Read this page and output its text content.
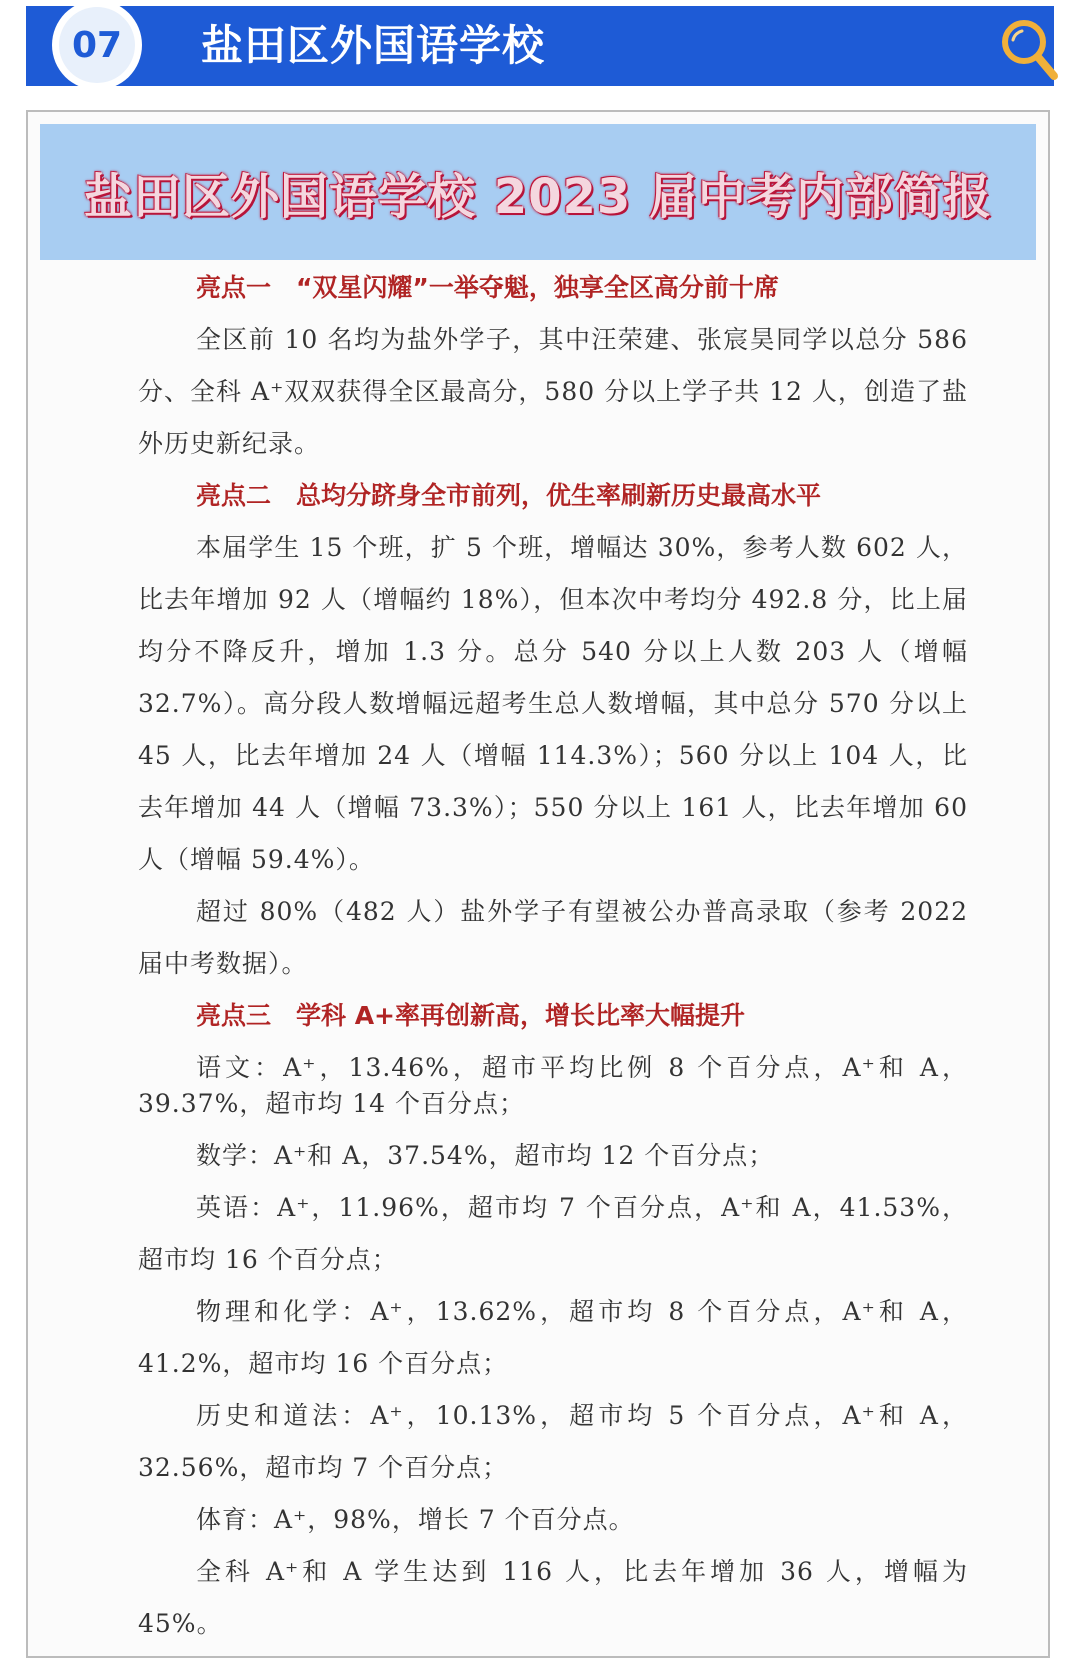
盐田区外国语学校
07
盐田区外国语学校 2023 届中考内部简报
亮点一　“双星闪耀”一举夺魁，独享全区高分前十席

全区前 10 名均为盐外学子，其中汪荣建、张宸昊同学以总分 586 分、全科 A⁺双双获得全区最高分，580 分以上学子共 12 人，创造了盐外历史新纪录。

亮点二　总均分跻身全市前列，优生率刷新历史最高水平

本届学生 15 个班，扩 5 个班，增幅达 30%，参考人数 602 人，比去年增加 92 人（增幅约 18%），但本次中考均分 492.8 分，比上届均分不降反升，增加 1.3 分。总分 540 分以上人数 203 人（增幅 32.7%）。高分段人数增幅远超考生总人数增幅，其中总分 570 分以上 45 人，比去年增加 24 人（增幅 114.3%）；560 分以上 104 人，比去年增加 44 人（增幅 73.3%）；550 分以上 161 人，比去年增加 60 人（增幅 59.4%）。

超过 80%（482 人）盐外学子有望被公办普高录取（参考 2022 届中考数据）。

亮点三　学科 A+率再创新高，增长比率大幅提升

语文：A⁺，13.46%，超市平均比例 8 个百分点，A⁺和 A，39.37%，超市均 14 个百分点；

数学：A⁺和 A，37.54%，超市均 12 个百分点；

英语：A⁺，11.96%，超市均 7 个百分点，A⁺和 A，41.53%，超市均 16 个百分点；

物理和化学：A⁺，13.62%，超市均 8 个百分点，A⁺和 A，41.2%，超市均 16 个百分点；

历史和道法：A⁺，10.13%，超市均 5 个百分点，A⁺和 A，32.56%，超市均 7 个百分点；

体育：A⁺，98%，增长 7 个百分点。

全科 A⁺和 A 学生达到 116 人，比去年增加 36 人，增幅为 45%。
